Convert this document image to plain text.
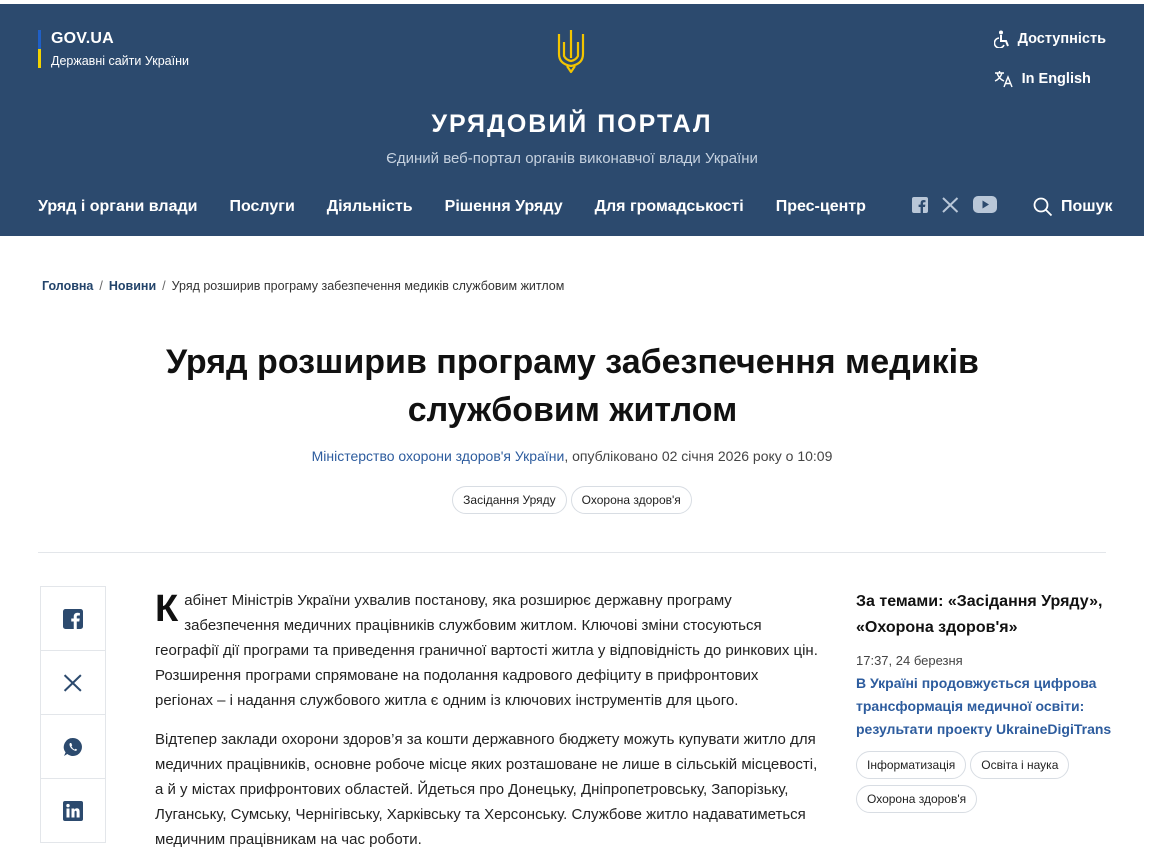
GOV.UA
Державні сайти України
Доступність
In English
УРЯДОВИЙ ПОРТАЛ
Єдиний веб-портал органів виконавчої влади України
Уряд і органи влади Послуги Діяльність Рішення Уряду Для громадськості Прес-центр	Пошук
Головна / Новини / Уряд розширив програму забезпечення медиків службовим житлом
Уряд розширив програму забезпечення медиків службовим житлом
Міністерство охорони здоров'я України, опубліковано 02 січня 2026 року о 10:09
Засідання Уряду	Охорона здоров'я

Кабінет Міністрів України ухвалив постанову, яка розширює державну програму забезпечення медичних працівників службовим житлом. Ключові зміни стосуються географії дії програми та приведення граничної вартості житла у відповідність до ринкових цін. Розширення програми спрямоване на подолання кадрового дефіциту в прифронтових регіонах – і надання службового житла є одним із ключових інструментів для цього.

Відтепер заклади охорони здоров’я за кошти державного бюджету можуть купувати житло для медичних працівників, основне робоче місце яких розташоване не лише в сільській місцевості, а й у містах прифронтових областей. Йдеться про Донецьку, Дніпропетровську, Запорізьку, Луганську, Сумську, Чернігівську, Харківську та Херсонську. Службове житло надаватиметься медичним працівникам на час роботи.

За темами: «Засідання Уряду», «Охорона здоров'я»
17:37, 24 березня
В Україні продовжується цифрова трансформація медичної освіти: результати проекту UkraineDigiTrans
Інформатизація	Освіта і наука
Охорона здоров'я
